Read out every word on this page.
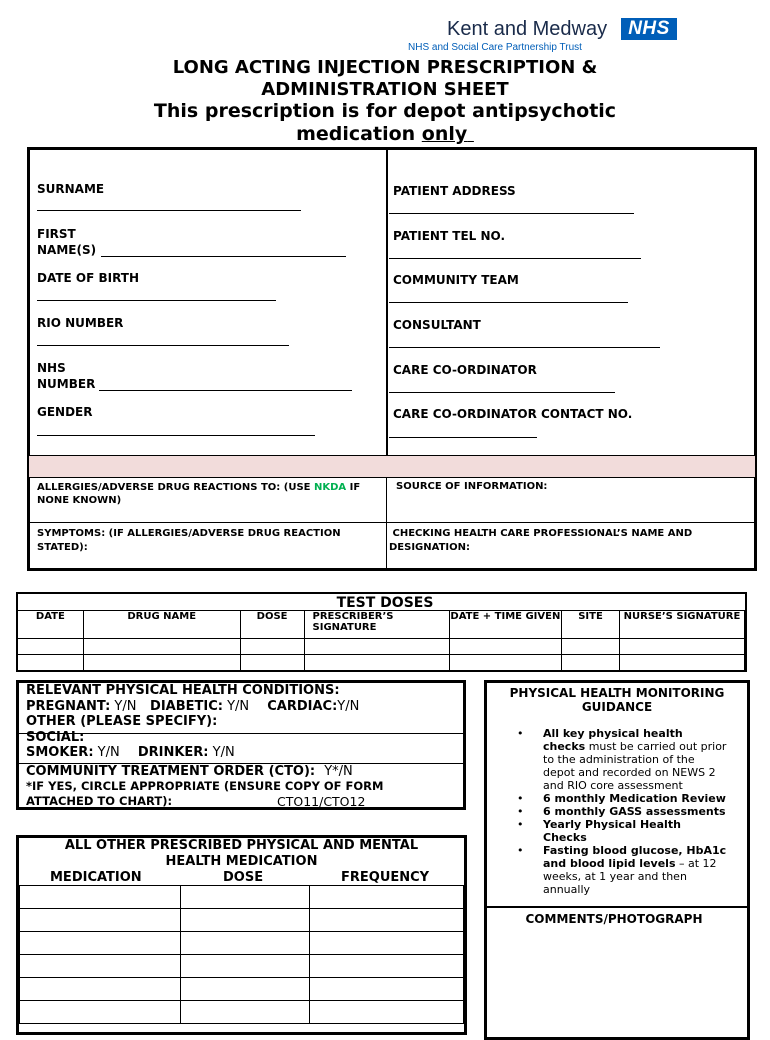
Kent and Medway	NHS
NHS and Social Care Partnership Trust
LONG ACTING INJECTION PRESCRIPTION &
ADMINISTRATION SHEET
This prescription is for depot antipsychotic
medication only
SURNAME
FIRST
NAME(S)
DATE OF BIRTH
RIO NUMBER
NHS
NUMBER
GENDER
PATIENT ADDRESS
PATIENT TEL NO.
COMMUNITY TEAM
CONSULTANT
CARE CO-ORDINATOR
CARE CO-ORDINATOR CONTACT NO.
ALLERGIES/ADVERSE DRUG REACTIONS TO: (USE NKDA IF
NONE KNOWN)
SOURCE OF INFORMATION:
SYMPTOMS: (IF ALLERGIES/ADVERSE DRUG REACTION
STATED):
CHECKING HEALTH CARE PROFESSIONAL’S NAME AND
DESIGNATION:
TEST DOSES
DATE	DRUG NAME	DOSE	PRESCRIBER’S SIGNATURE	DATE + TIME GIVEN	SITE	NURSE’S SIGNATURE

RELEVANT PHYSICAL HEALTH CONDITIONS:
PREGNANT: Y/N DIABETIC: Y/N CARDIAC:Y/N
OTHER (PLEASE SPECIFY):
SOCIAL:
SMOKER: Y/N DRINKER: Y/N
COMMUNITY TREATMENT ORDER (CTO): Y*/N
*IF YES, CIRCLE APPROPRIATE (ENSURE COPY OF FORM
ATTACHED TO CHART):	CTO11/CTO12
ALL OTHER PRESCRIBED PHYSICAL AND MENTAL
HEALTH MEDICATION
MEDICATION	DOSE	FREQUENCY

PHYSICAL HEALTH MONITORING
GUIDANCE
• All key physical health
checks must be carried out prior
to the administration of the
depot and recorded on NEWS 2
and RIO core assessment
• 6 monthly Medication Review
• 6 monthly GASS assessments
• Yearly Physical Health
Checks
• Fasting blood glucose, HbA1c
and blood lipid levels – at 12
weeks, at 1 year and then
annually
COMMENTS/PHOTOGRAPH
